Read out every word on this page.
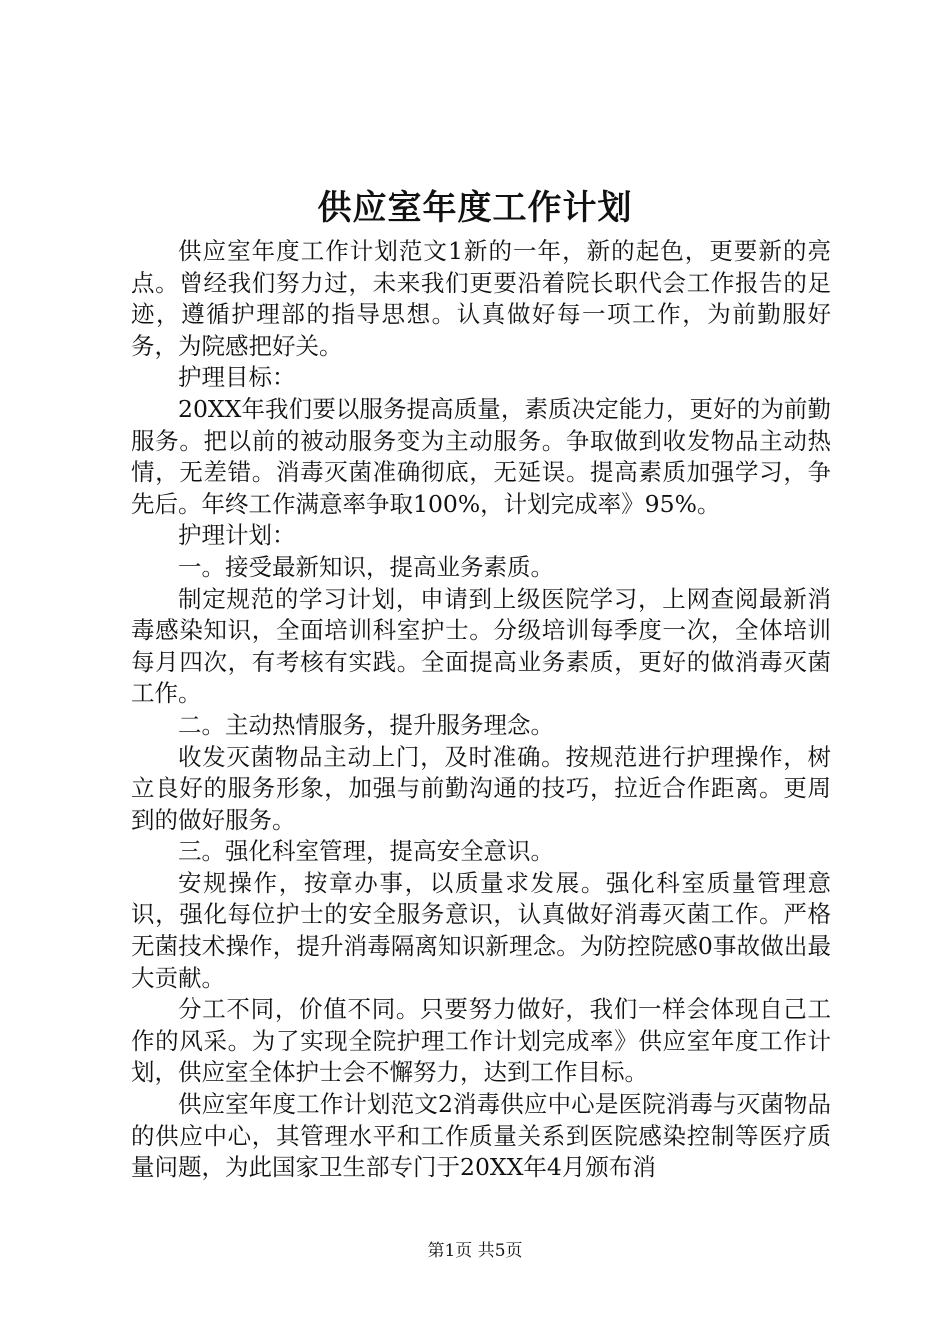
供应室年度工作计划

供应室年度工作计划范文1新的一年，新的起色，更要新的亮点。曾经我们努力过，未来我们更要沿着院长职代会工作报告的足迹，遵循护理部的指导思想。认真做好每一项工作，为前勤服好务，为院感把好关。

护理目标：

20XX年我们要以服务提高质量，素质决定能力，更好的为前勤服务。把以前的被动服务变为主动服务。争取做到收发物品主动热情，无差错。消毒灭菌准确彻底，无延误。提高素质加强学习，争先后。年终工作满意率争取100%，计划完成率》95%。

护理计划：

一。接受最新知识，提高业务素质。

制定规范的学习计划，申请到上级医院学习，上网查阅最新消毒感染知识，全面培训科室护士。分级培训每季度一次，全体培训每月四次，有考核有实践。全面提高业务素质，更好的做消毒灭菌工作。

二。主动热情服务，提升服务理念。

收发灭菌物品主动上门，及时准确。按规范进行护理操作，树立良好的服务形象，加强与前勤沟通的技巧，拉近合作距离。更周到的做好服务。

三。强化科室管理，提高安全意识。

安规操作，按章办事，以质量求发展。强化科室质量管理意识，强化每位护士的安全服务意识，认真做好消毒灭菌工作。严格无菌技术操作，提升消毒隔离知识新理念。为防控院感0事故做出最大贡献。

分工不同，价值不同。只要努力做好，我们一样会体现自己工作的风采。为了实现全院护理工作计划完成率》供应室年度工作计划，供应室全体护士会不懈努力，达到工作目标。

供应室年度工作计划范文2消毒供应中心是医院消毒与灭菌物品的供应中心，其管理水平和工作质量关系到医院感染控制等医疗质量问题，为此国家卫生部专门于20XX年4月颁布消

第1页 共5页
